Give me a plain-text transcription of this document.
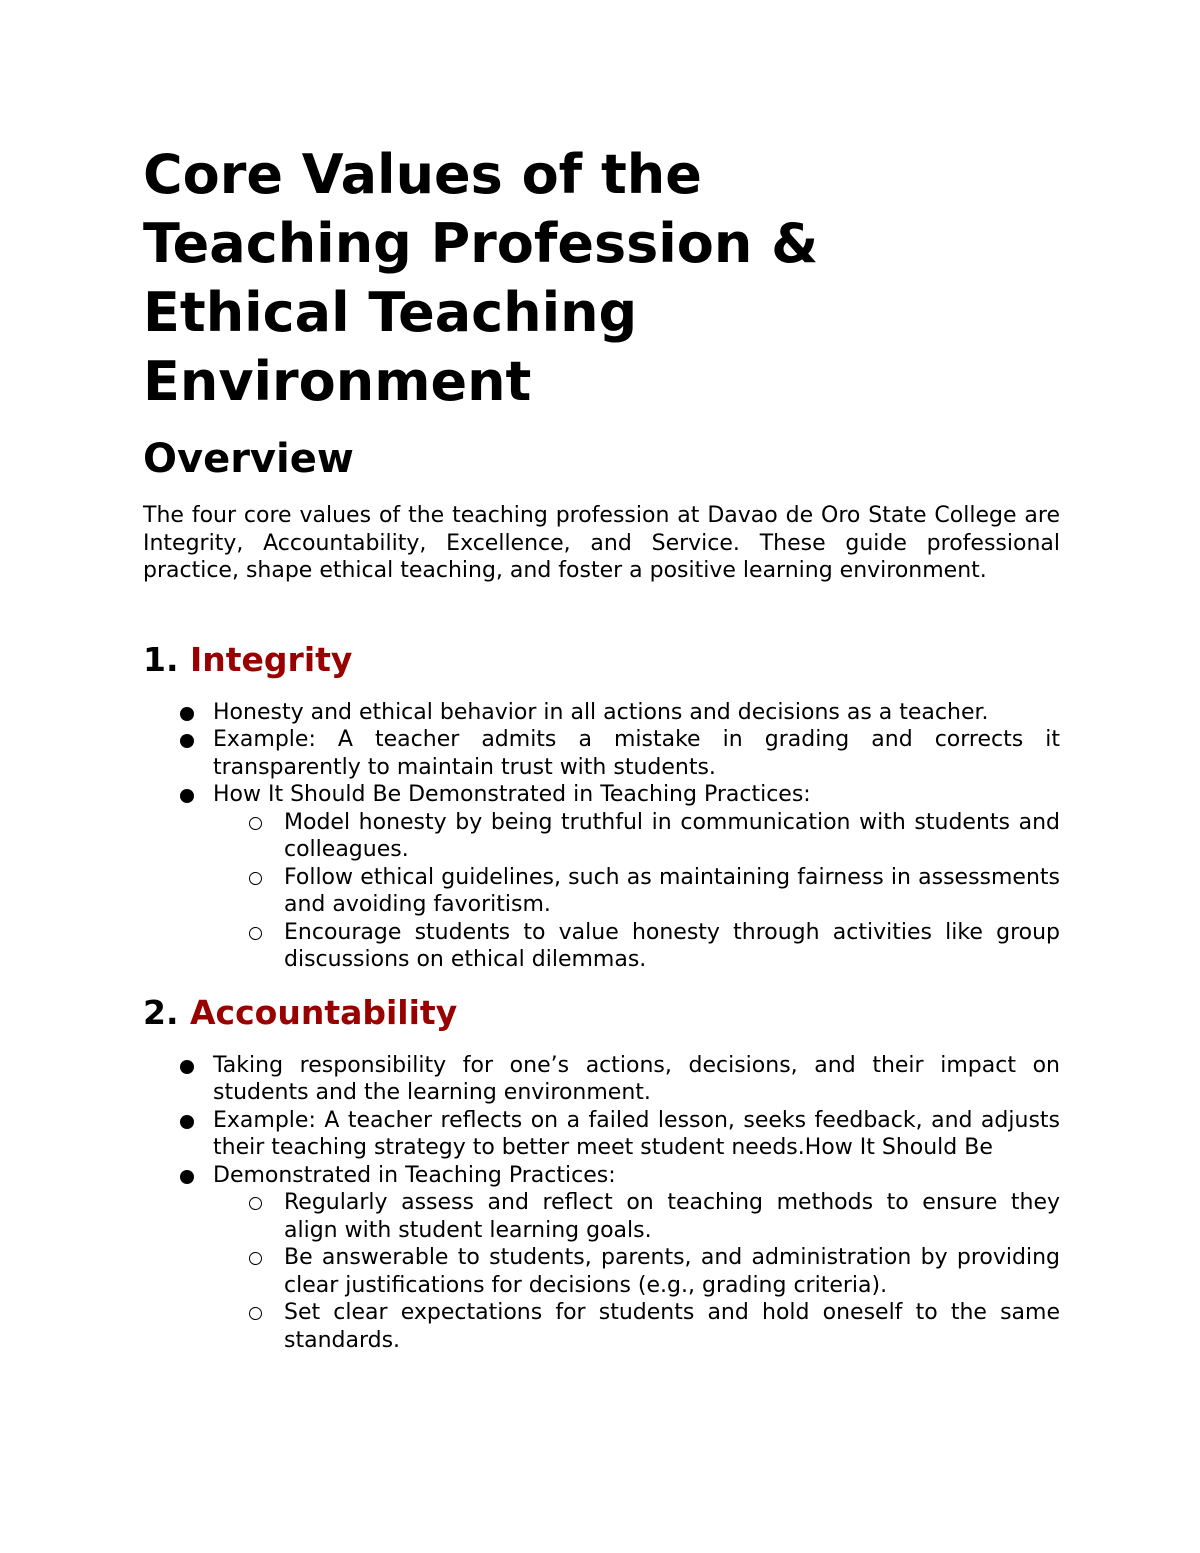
Core Values of the
Teaching Profession &
Ethical Teaching
Environment
Overview

The four core values of the teaching profession at Davao de Oro State College are Integrity, Accountability, Excellence, and Service. These guide professional practice, shape ethical teaching, and foster a positive learning environment.

1. Integrity
Honesty and ethical behavior in all actions and decisions as a teacher.
Example: A teacher admits a mistake in grading and corrects it transparently to maintain trust with students.
How It Should Be Demonstrated in Teaching Practices:
Model honesty by being truthful in communication with students and colleagues.
Follow ethical guidelines, such as maintaining fairness in assessments and avoiding favoritism.
Encourage students to value honesty through activities like group discussions on ethical dilemmas.
2. Accountability
Taking responsibility for one’s actions, decisions, and their impact on students and the learning environment.
Example: A teacher reflects on a failed lesson, seeks feedback, and adjusts their teaching strategy to better meet student needs.How It Should Be
Demonstrated in Teaching Practices:
Regularly assess and reflect on teaching methods to ensure they align with student learning goals.
Be answerable to students, parents, and administration by providing clear justifications for decisions (e.g., grading criteria).
Set clear expectations for students and hold oneself to the same standards.
